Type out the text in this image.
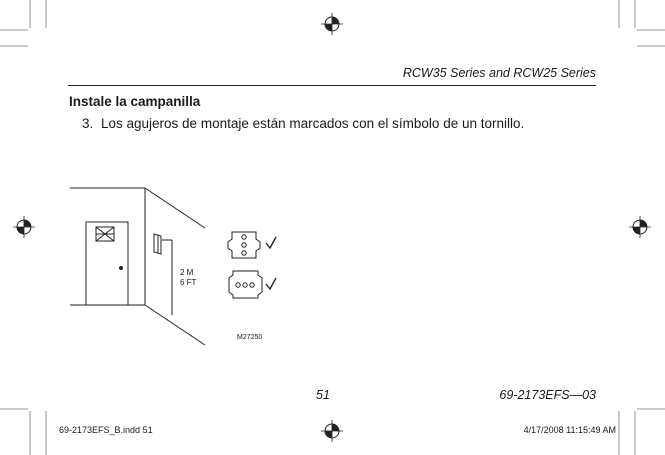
RCW35 Series and RCW25 Series
Instale la campanilla
3. Los agujeros de montaje están marcados con el símbolo de un tornillo.
2 M
6 FT
M27250
51	69-2173EFS—03
69-2173EFS_B.indd 51	4/17/2008 11:15:49 AM
